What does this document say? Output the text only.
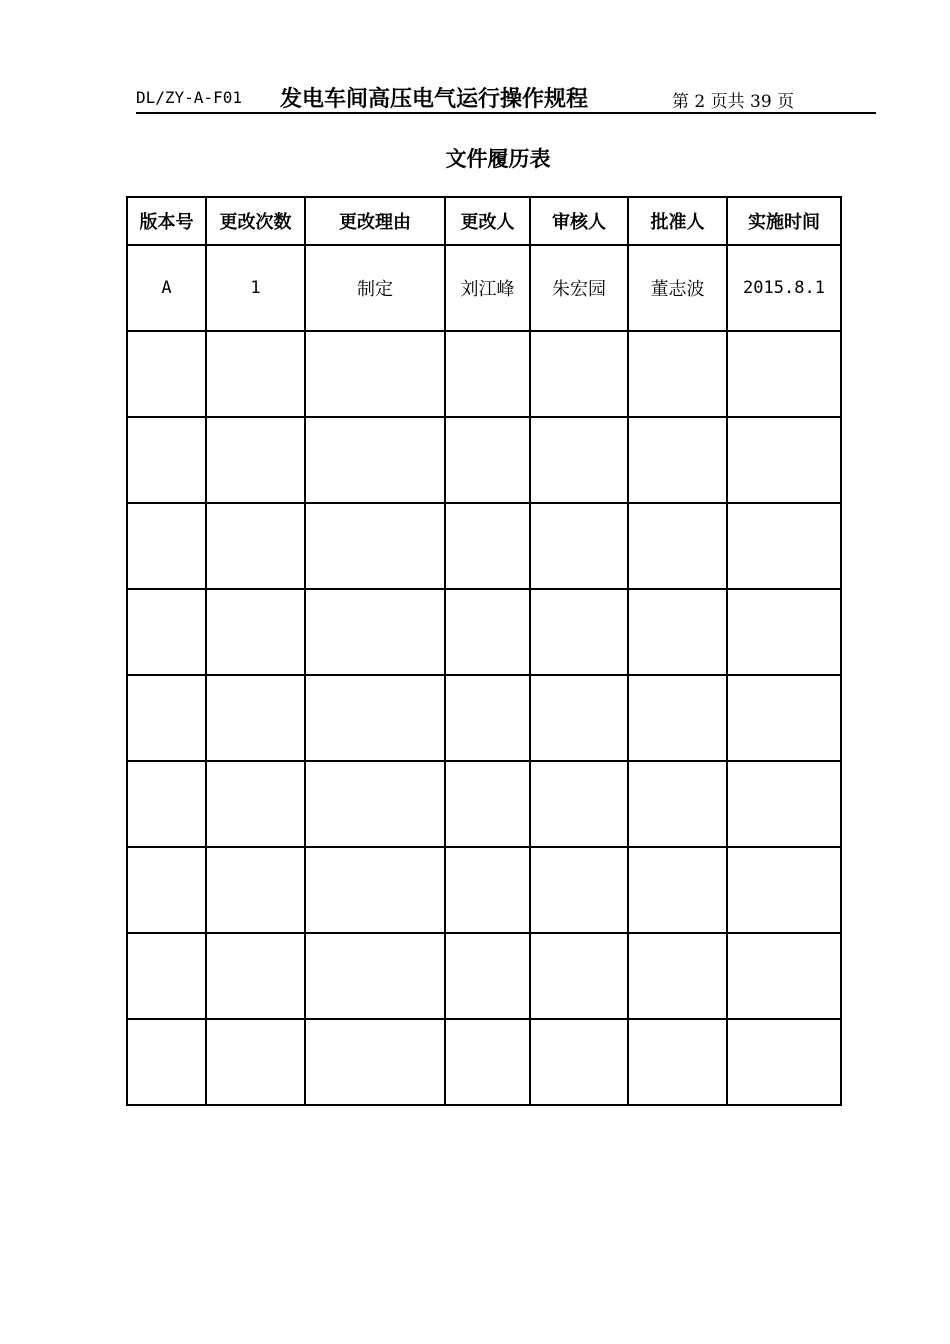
DL/ZY-A-F01 发电车间高压电气运行操作规程	第 2 页共 39 页
文件履历表
版本号	更改次数	更改理由	更改人	审核人	批准人	实施时间
A	1	制定	刘江峰	朱宏园	董志波	2015.8.1
